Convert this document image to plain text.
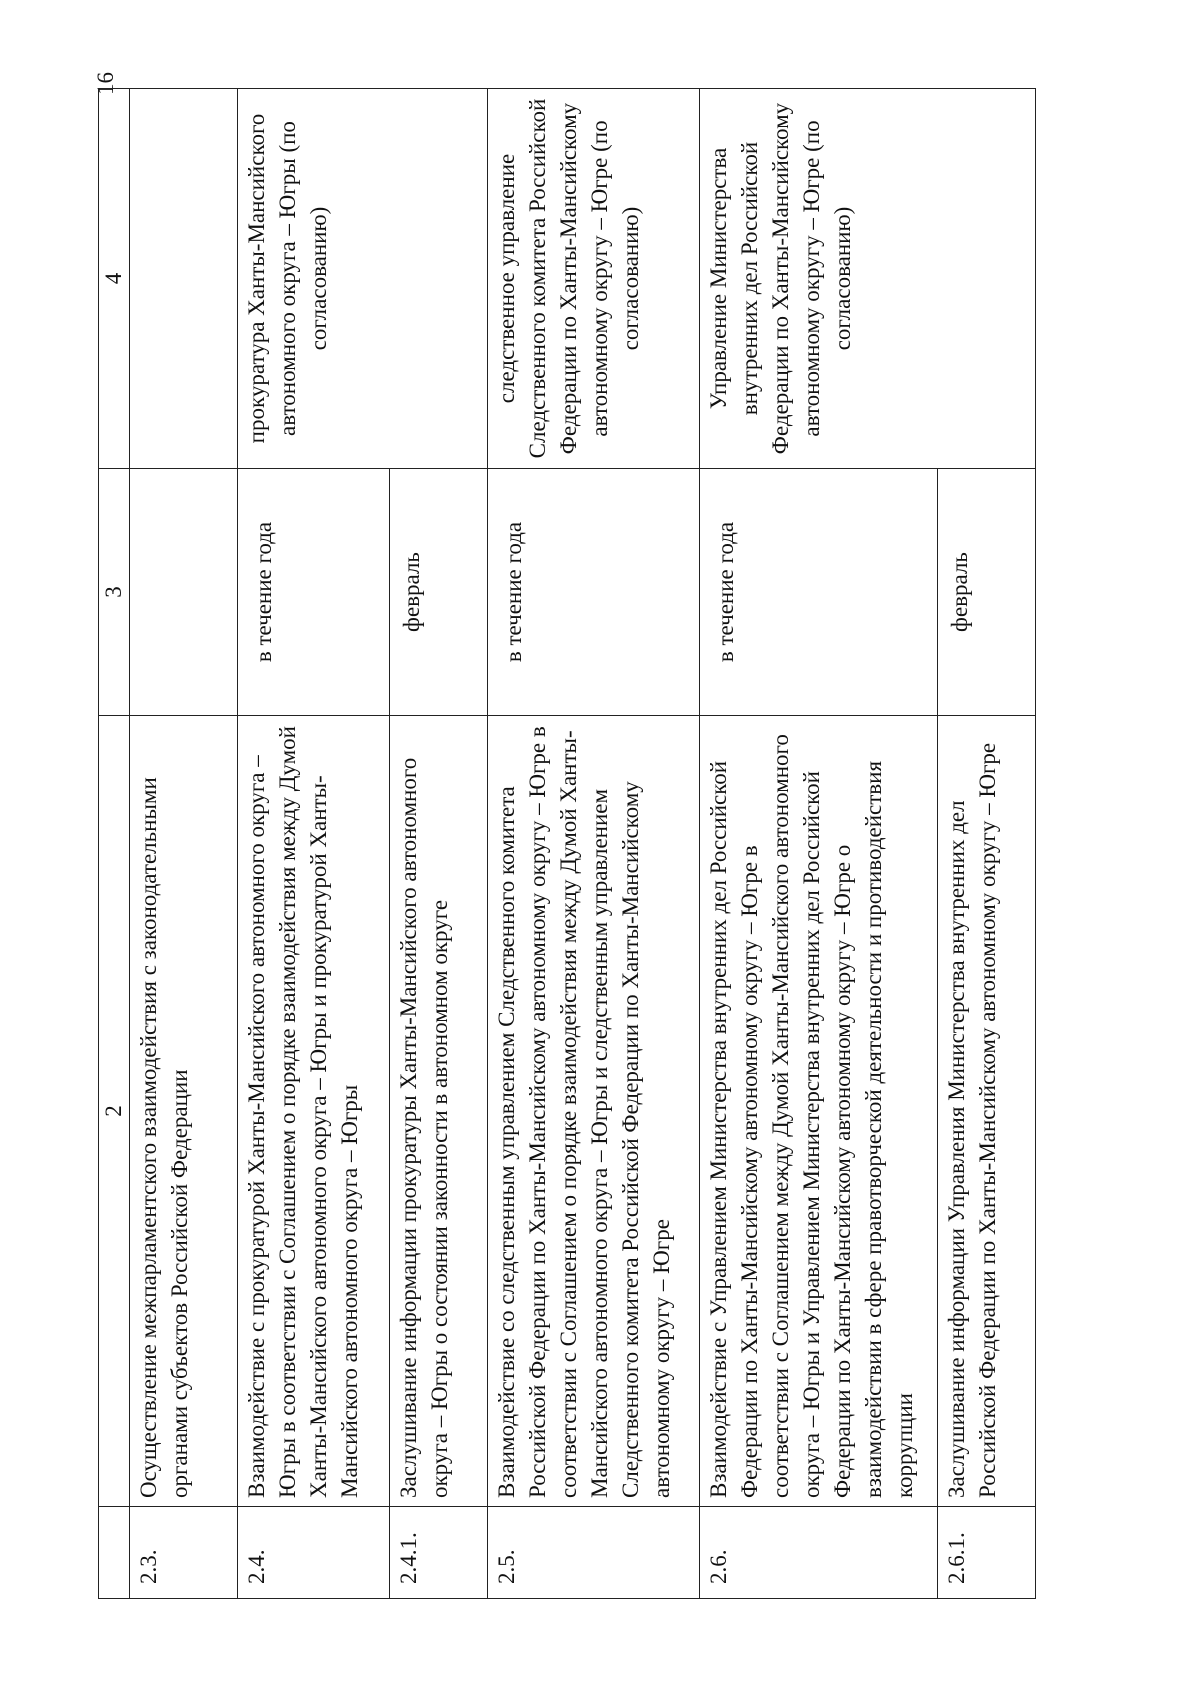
16
	2	3	4
2.3.	Осуществление межпарламентского взаимодействия с законодательными органами субъектов Российской Федерации		
2.4.	Взаимодействие с прокуратурой Ханты-Мансийского автономного округа – Югры в соответствии с Соглашением о порядке взаимодействия между Думой Ханты-Мансийского автономного округа – Югры и прокуратурой Ханты-Мансийского автономного округа – Югры	в течение года	прокуратура Ханты-Мансийского автономного округа – Югры (по согласованию)
2.4.1.	Заслушивание информации прокуратуры Ханты-Мансийского автономного округа – Югры о состоянии законности в автономном округе	февраль	
2.5.	Взаимодействие со следственным управлением Следственного комитета Российской Федерации по Ханты-Мансийскому автономному округу – Югре в соответствии с Соглашением о порядке взаимодействия между Думой Ханты-Мансийского автономного округа – Югры и следственным управлением Следственного комитета Российской Федерации по Ханты-Мансийскому автономному округу – Югре	в течение года	следственное управление Следственного комитета Российской Федерации по Ханты-Мансийскому автономному округу – Югре (по согласованию)
2.6.	Взаимодействие с Управлением Министерства внутренних дел Российской Федерации по Ханты-Мансийскому автономному округу – Югре в соответствии с Соглашением между Думой Ханты-Мансийского автономного округа – Югры и Управлением Министерства внутренних дел Российской Федерации по Ханты-Мансийскому автономному округу – Югре о взаимодействии в сфере правотворческой деятельности и противодействия коррупции	в течение года	Управление Министерства внутренних дел Российской Федерации по Ханты-Мансийскому автономному округу – Югре (по согласованию)
2.6.1.	Заслушивание информации Управления Министерства внутренних дел Российской Федерации по Ханты-Мансийскому автономному округу – Югре	февраль	
